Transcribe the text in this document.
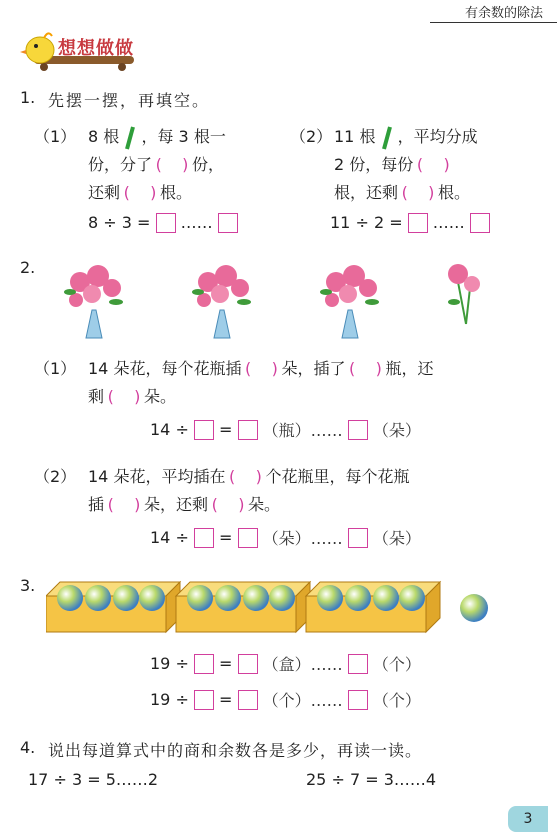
有余数的除法
想想做做
1. 先摆一摆，再填空。
（1） 8 根 ，每 3 根一
份，分了 (    ) 份，
还剩 (    ) 根。
8 ÷ 3 = ……
（2） 11 根 ，平均分成
2 份，每份 (    )
根，还剩 (    ) 根。
11 ÷ 2 = ……
2.
（1） 14 朵花，每个花瓶插 (    ) 朵，插了 (    ) 瓶，还
剩 (    ) 朵。
14 ÷ = （瓶）…… （朵）
（2） 14 朵花，平均插在 (    ) 个花瓶里，每个花瓶
插 (    ) 朵，还剩 (    ) 朵。
14 ÷ = （朵）…… （朵）
3.
19 ÷ = （盒）…… （个）
19 ÷ = （个）…… （个）
4. 说出每道算式中的商和余数各是多少，再读一读。
17 ÷ 3 = 5……2	25 ÷ 7 = 3……4
3
